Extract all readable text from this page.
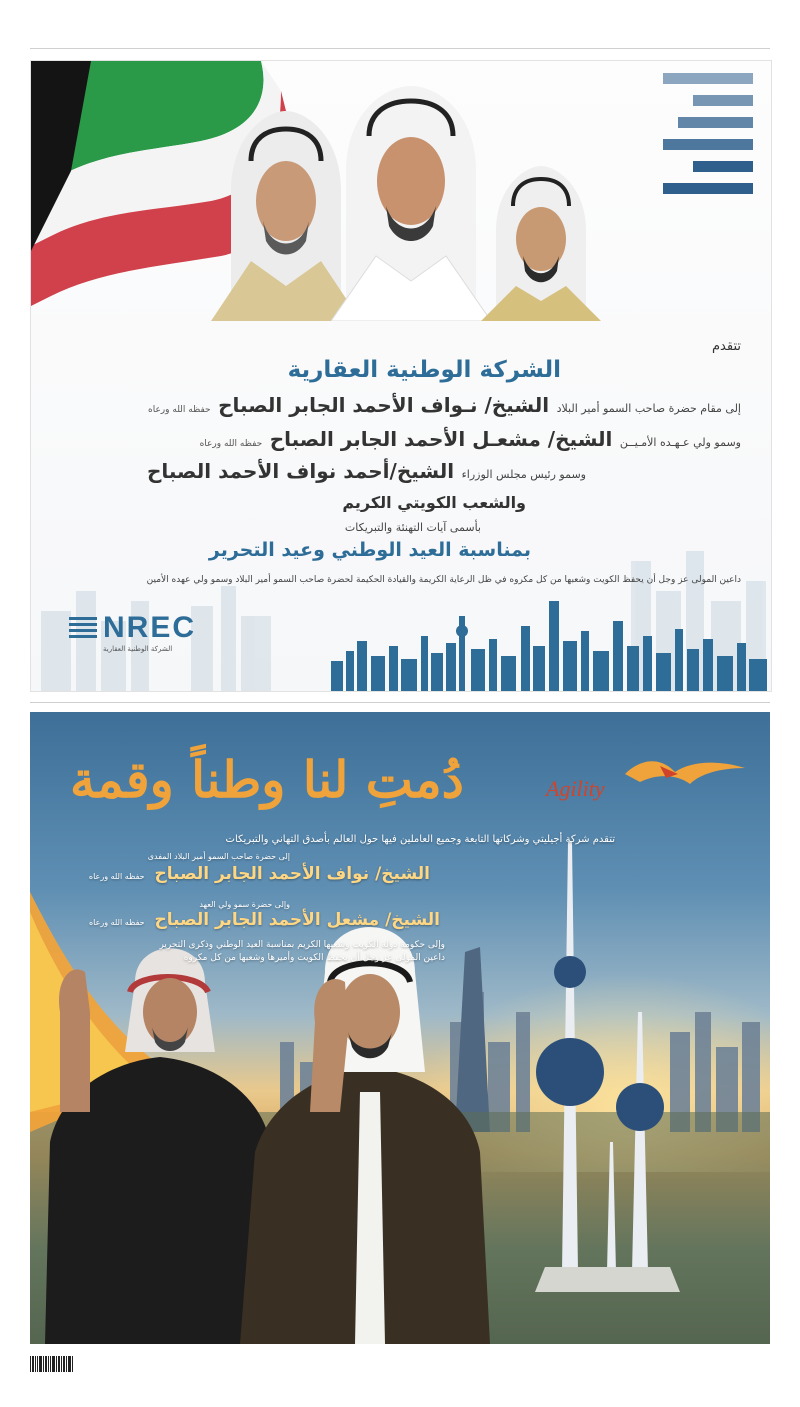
تتقدم
الشركة الوطنية العقارية
إلى مقام حضرة صاحب السمو أمير البلاد الشيخ/ نـواف الأحمد الجابر الصباح حفظه الله ورعاه
وسمو ولي عـهـده الأمـيــن الشيخ/ مشعـل الأحمد الجابر الصباح حفظه الله ورعاه
وسمو رئيس مجلس الوزراء الشيخ/أحمد نواف الأحمد الصباح
والشعب الكويتي الكريم
بأسمى آيات التهنئة والتبريكات
بمناسبة العيد الوطني وعيد التحرير
داعين المولى عز وجل أن يحفظ الكويت وشعبها من كل مكروه في ظل الرعاية الكريمة والقيادة الحكيمة لحضرة صاحب السمو أمير البلاد وسمو ولي عهده الأمين
NREC
الشركة الوطنية العقارية
دُمتِ لنا وطناً وقمة	Agility
تتقدم شركة أجيليتي وشركاتها التابعة وجميع العاملين فيها حول العالم بأصدق التهاني والتبريكات
إلى حضرة صاحب السمو أمير البلاد المفدى
الشيخ/ نواف الأحمد الجابر الصباح حفظه الله ورعاه
وإلى حضرة سمو ولي العهد
الشيخ/ مشعل الأحمد الجابر الصباح حفظه الله ورعاه
وإلى حكومة دولة الكويت وشعبها الكريم بمناسبة العيد الوطني وذكرى التحرير
داعين المولى عز وجل أن يحفظ الكويت وأميرها وشعبها من كل مكروه
